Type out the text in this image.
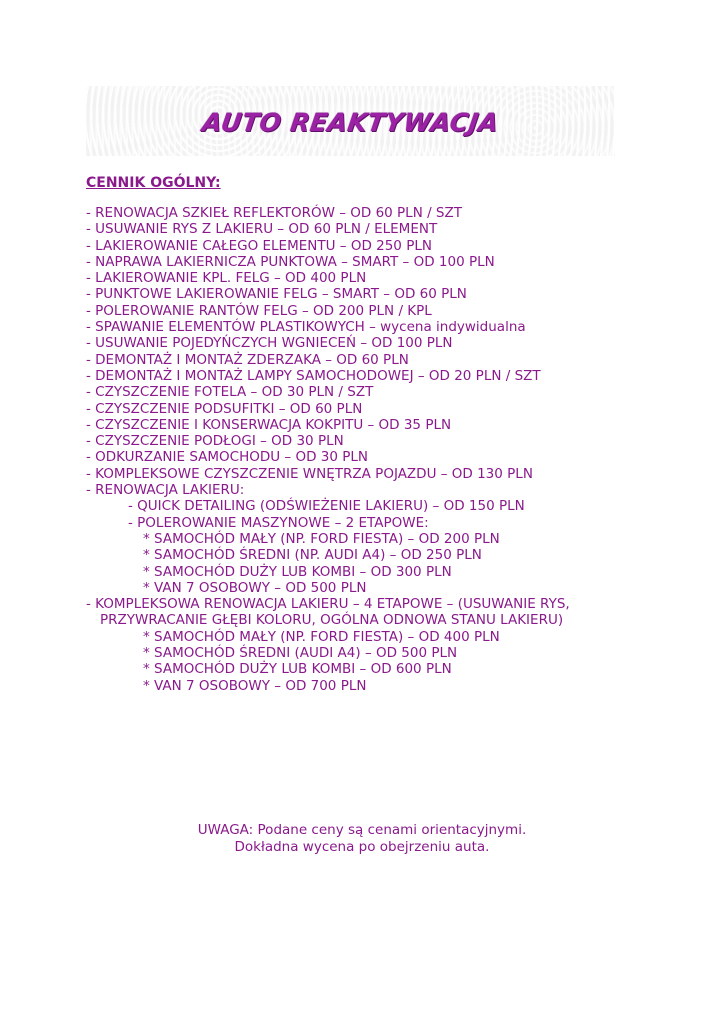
AUTO REAKTYWACJA
CENNIK OGÓLNY:
- RENOWACJA SZKIEŁ REFLEKTORÓW – OD 60 PLN / SZT
- USUWANIE RYS Z LAKIERU – OD 60 PLN / ELEMENT
- LAKIEROWANIE CAŁEGO ELEMENTU – OD 250 PLN
- NAPRAWA LAKIERNICZA PUNKTOWA – SMART – OD 100 PLN
- LAKIEROWANIE KPL. FELG – OD 400 PLN
- PUNKTOWE LAKIEROWANIE FELG – SMART – OD 60 PLN
- POLEROWANIE RANTÓW FELG – OD 200 PLN / KPL
- SPAWANIE ELEMENTÓW PLASTIKOWYCH – wycena indywidualna
- USUWANIE POJEDYŃCZYCH WGNIECEŃ – OD 100 PLN
- DEMONTAŻ I MONTAŻ ZDERZAKA – OD 60 PLN
- DEMONTAŻ I MONTAŻ LAMPY SAMOCHODOWEJ – OD 20 PLN / SZT
- CZYSZCZENIE FOTELA – OD 30 PLN / SZT
- CZYSZCZENIE PODSUFITKI – OD 60 PLN
- CZYSZCZENIE I KONSERWACJA KOKPITU – OD 35 PLN
- CZYSZCZENIE PODŁOGI – OD 30 PLN
- ODKURZANIE SAMOCHODU – OD 30 PLN
- KOMPLEKSOWE CZYSZCZENIE WNĘTRZA POJAZDU – OD 130 PLN
- RENOWACJA LAKIERU:
- QUICK DETAILING (ODŚWIEŻENIE LAKIERU) – OD 150 PLN
- POLEROWANIE MASZYNOWE – 2 ETAPOWE:
* SAMOCHÓD MAŁY (NP. FORD FIESTA) – OD 200 PLN
* SAMOCHÓD ŚREDNI (NP. AUDI A4) – OD 250 PLN
* SAMOCHÓD DUŻY LUB KOMBI – OD 300 PLN
* VAN 7 OSOBOWY – OD 500 PLN
- KOMPLEKSOWA RENOWACJA LAKIERU – 4 ETAPOWE – (USUWANIE RYS,
PRZYWRACANIE GŁĘBI KOLORU, OGÓLNA ODNOWA STANU LAKIERU)
* SAMOCHÓD MAŁY (NP. FORD FIESTA) – OD 400 PLN
* SAMOCHÓD ŚREDNI (AUDI A4) – OD 500 PLN
* SAMOCHÓD DUŻY LUB KOMBI – OD 600 PLN
* VAN 7 OSOBOWY – OD 700 PLN
UWAGA: Podane ceny są cenami orientacyjnymi.
Dokładna wycena po obejrzeniu auta.
